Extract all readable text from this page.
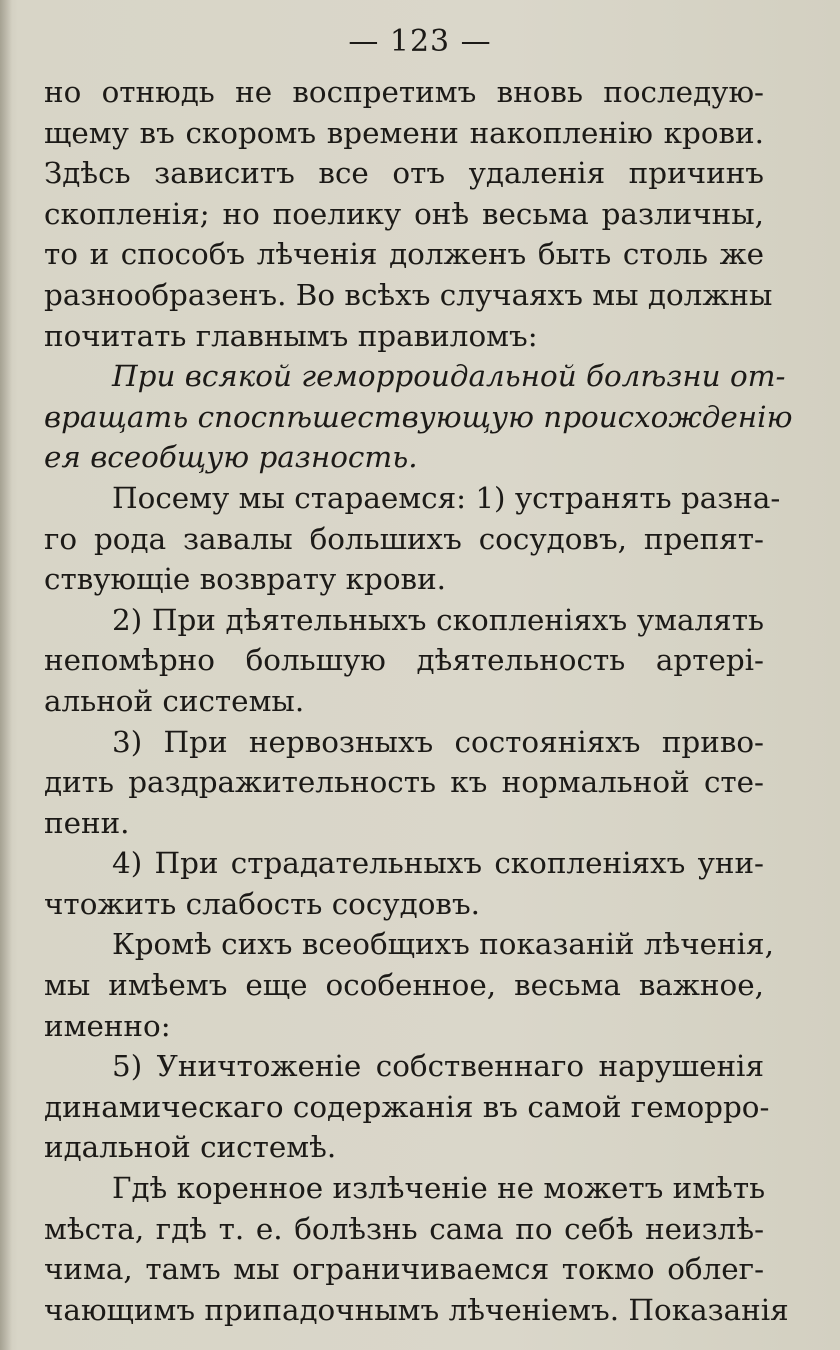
— 123 —
но отнюдь не воспретимъ вновь последую-
щему въ скоромъ времени накопленію крови.
Здѣсь зависитъ все отъ удаленія причинъ
скопленія; но поелику онѣ весьма различны,
то и способъ лѣченія долженъ быть столь же
разнообразенъ. Во всѣхъ случаяхъ мы должны
почитать главнымъ правиломъ:
При всякой геморроидальной болѣзни от-
вращать споспѣшествующую происхожденію
ея всеобщую разность.
Посему мы стараемся: 1) устранять разна-
го рода завалы большихъ сосудовъ, препят-
ствующіе возврату крови.
2) При дѣятельныхъ скопленіяхъ умалять
непомѣрно большую дѣятельность артері-
альной системы.
3) При нервозныхъ состояніяхъ приво-
дить раздражительность къ нормальной сте-
пени.
4) При страдательныхъ скопленіяхъ уни-
чтожить слабость сосудовъ.
Кромѣ сихъ всеобщихъ показаній лѣченія,
мы имѣемъ еще особенное, весьма важное,
именно:
5) Уничтоженіе собственнаго нарушенія
динамическаго содержанія въ самой геморро-
идальной системѣ.
Гдѣ коренное излѣченіе не можетъ имѣть
мѣста, гдѣ т. е. болѣзнь сама по себѣ неизлѣ-
чима, тамъ мы ограничиваемся токмо облег-
чающимъ припадочнымъ лѣченіемъ. Показанія
